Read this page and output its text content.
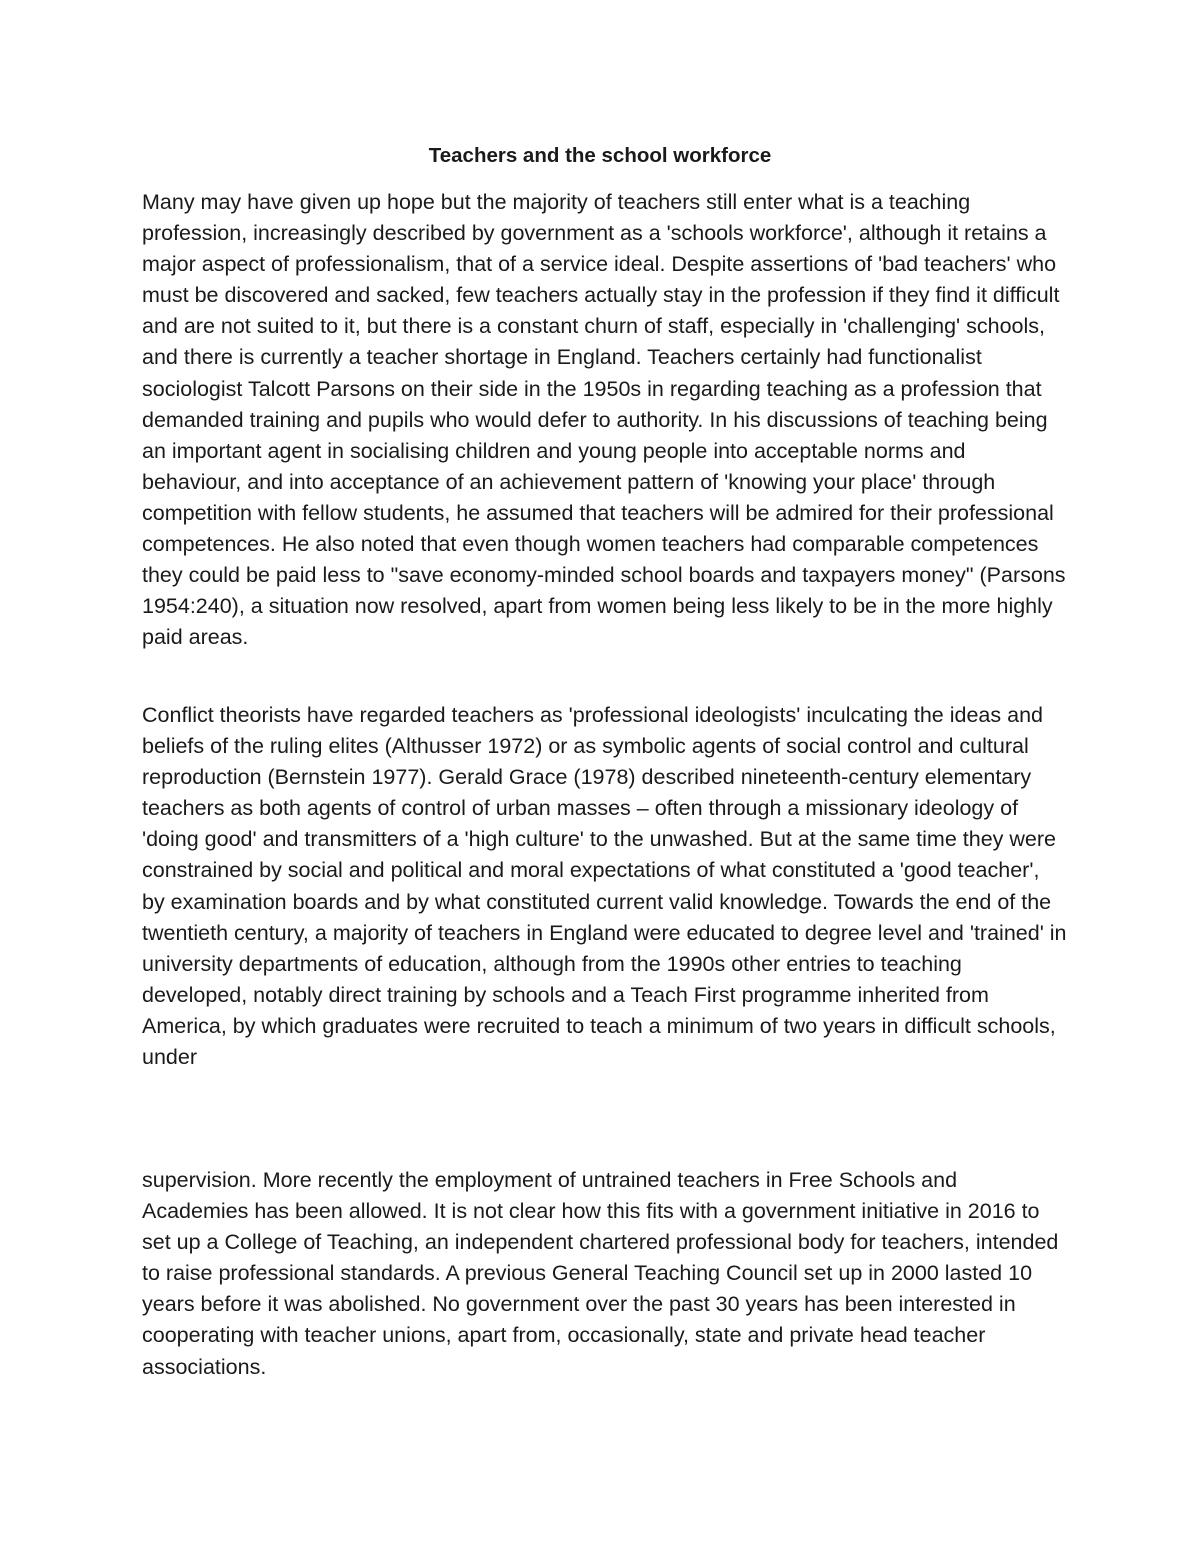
Teachers and the school workforce

Many may have given up hope but the majority of teachers still enter what is a teaching profession, increasingly described by government as a 'schools workforce', although it retains a major aspect of professionalism, that of a service ideal. Despite assertions of 'bad teachers' who must be discovered and sacked, few teachers actually stay in the profession if they find it difficult and are not suited to it, but there is a constant churn of staff, especially in 'challenging' schools, and there is currently a teacher shortage in England. Teachers certainly had functionalist sociologist Talcott Parsons on their side in the 1950s in regarding teaching as a profession that demanded training and pupils who would defer to authority. In his discussions of teaching being an important agent in socialising children and young people into acceptable norms and behaviour, and into acceptance of an achievement pattern of 'knowing your place' through competition with fellow students, he assumed that teachers will be admired for their professional competences. He also noted that even though women teachers had comparable competences they could be paid less to "save economy-minded school boards and taxpayers money" (Parsons 1954:240), a situation now resolved, apart from women being less likely to be in the more highly paid areas.

Conflict theorists have regarded teachers as 'professional ideologists' inculcating the ideas and beliefs of the ruling elites (Althusser 1972) or as symbolic agents of social control and cultural reproduction (Bernstein 1977). Gerald Grace (1978) described nineteenth-century elementary teachers as both agents of control of urban masses – often through a missionary ideology of 'doing good' and transmitters of a 'high culture' to the unwashed. But at the same time they were constrained by social and political and moral expectations of what constituted a 'good teacher', by examination boards and by what constituted current valid knowledge. Towards the end of the twentieth century, a majority of teachers in England were educated to degree level and 'trained' in university departments of education, although from the 1990s other entries to teaching developed, notably direct training by schools and a Teach First programme inherited from America, by which graduates were recruited to teach a minimum of two years in difficult schools, under

supervision. More recently the employment of untrained teachers in Free Schools and Academies has been allowed. It is not clear how this fits with a government initiative in 2016 to set up a College of Teaching, an independent chartered professional body for teachers, intended to raise professional standards. A previous General Teaching Council set up in 2000 lasted 10 years before it was abolished. No government over the past 30 years has been interested in cooperating with teacher unions, apart from, occasionally, state and private head teacher associations.
